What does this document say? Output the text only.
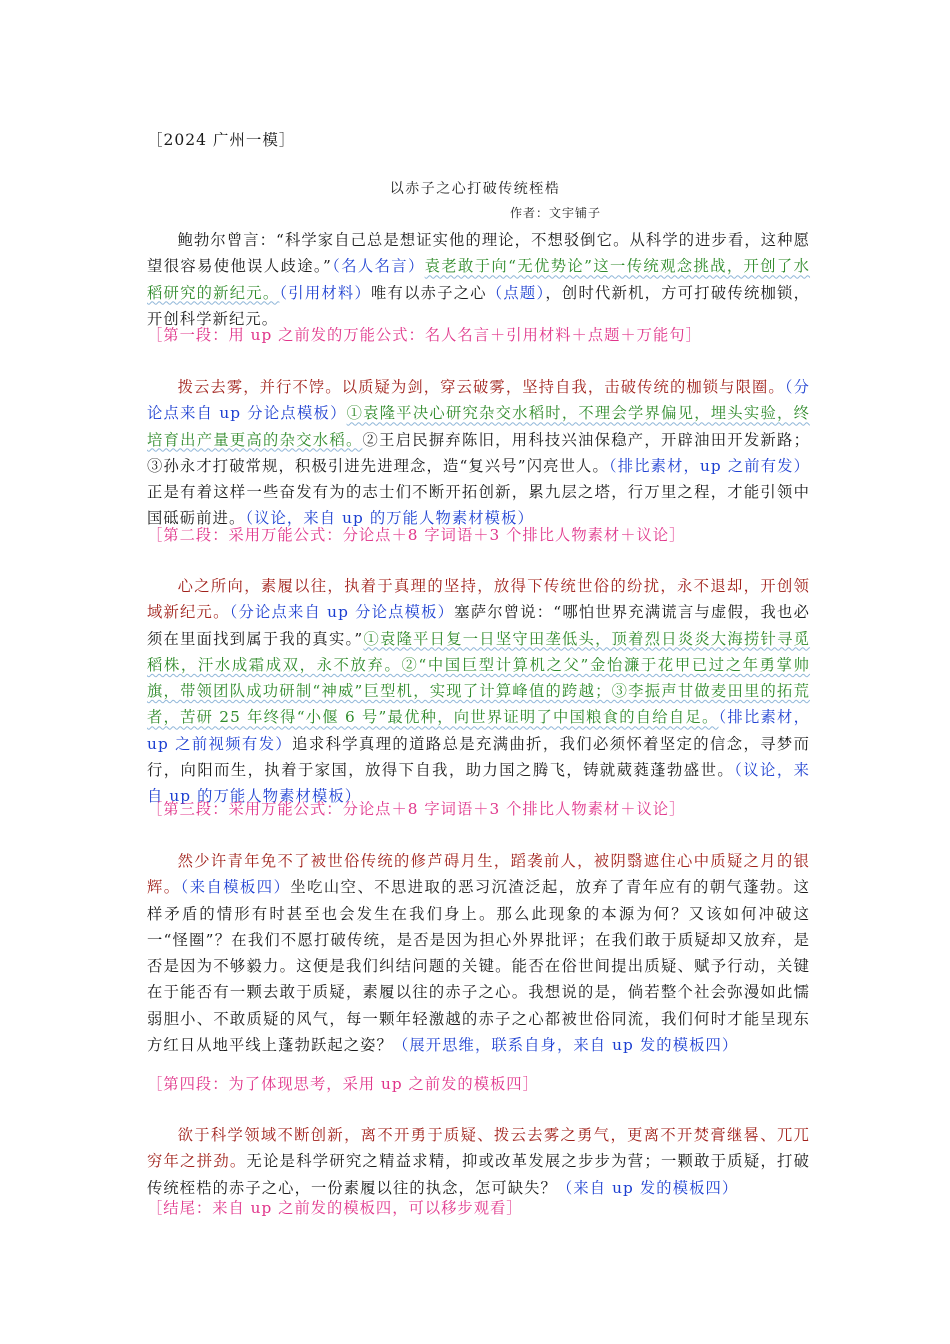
［2024 广州一模］
以赤子之心打破传统桎梏
作者：文宇铺子

鲍勃尔曾言：“科学家自己总是想证实他的理论，不想驳倒它。从科学的进步看，这种愿望很容易使他误人歧途。”（名人名言）袁老敢于向“无优势论”这一传统观念挑战，开创了水稻研究的新纪元。（引用材料）唯有以赤子之心（点题），创时代新机，方可打破传统枷锁，开创科学新纪元。

［第一段：用 up 之前发的万能公式：名人名言＋引用材料＋点题＋万能句］

拨云去雾，并行不饽。以质疑为剑，穿云破雾，坚持自我，击破传统的枷锁与限圈。（分论点来自 up 分论点模板）①袁隆平决心研究杂交水稻时，不理会学界偏见，埋头实验，终培育出产量更高的杂交水稻。②王启民摒弃陈旧，用科技兴油保稳产，开辟油田开发新路；③孙永才打破常规，积极引进先进理念，造“复兴号”闪亮世人。（排比素材，up 之前有发）正是有着这样一些奋发有为的志士们不断开拓创新，累九层之塔，行万里之程，才能引领中国砥砺前进。（议论，来自 up 的万能人物素材模板）

［第二段：采用万能公式：分论点＋8 字词语＋3 个排比人物素材＋议论］

心之所向，素履以往，执着于真理的坚持，放得下传统世俗的纷扰，永不退却，开创领域新纪元。（分论点来自 up 分论点模板）塞萨尔曾说：“哪怕世界充满谎言与虚假，我也必须在里面找到属于我的真实。”①袁隆平日复一日坚守田垄低头，顶着烈日炎炎大海捞针寻觅稻株，汗水成霜成双，永不放弃。②“中国巨型计算机之父”金怡濂于花甲已过之年勇掌帅旗，带领团队成功研制“神威”巨型机，实现了计算峰值的跨越；③李振声甘做麦田里的拓荒者，苦研 25 年终得“小偃 6 号”最优种，向世界证明了中国粮食的自给自足。（排比素材，up 之前视频有发）追求科学真理的道路总是充满曲折，我们必须怀着坚定的信念，寻梦而行，向阳而生，执着于家国，放得下自我，助力国之腾飞，铸就葳蕤蓬勃盛世。（议论，来自 up 的万能人物素材模板）

［第三段：采用万能公式：分论点＋8 字词语＋3 个排比人物素材＋议论］

然少许青年免不了被世俗传统的修芦碍月生，蹈袭前人，被阴翳遮住心中质疑之月的银辉。（来自模板四）坐吃山空、不思进取的恶习沉渣泛起，放弃了青年应有的朝气蓬勃。这样矛盾的情形有时甚至也会发生在我们身上。那么此现象的本源为何？又该如何冲破这一“怪圈”？在我们不愿打破传统，是否是因为担心外界批评；在我们敢于质疑却又放弃，是否是因为不够毅力。这便是我们纠结问题的关键。能否在俗世间提出质疑、赋予行动，关键在于能否有一颗去敢于质疑，素履以往的赤子之心。我想说的是，倘若整个社会弥漫如此懦弱胆小、不敢质疑的风气，每一颗年轻激越的赤子之心都被世俗同流，我们何时才能呈现东方红日从地平线上蓬勃跃起之姿？（展开思维，联系自身，来自 up 发的模板四）

［第四段：为了体现思考，采用 up 之前发的模板四］

欲于科学领域不断创新，离不开勇于质疑、拨云去雾之勇气，更离不开焚膏继晷、兀兀穷年之拼劲。无论是科学研究之精益求精，抑或改革发展之步步为营；一颗敢于质疑，打破传统桎梏的赤子之心，一份素履以往的执念，怎可缺失？（来自 up 发的模板四）

［结尾：来自 up 之前发的模板四，可以移步观看］
